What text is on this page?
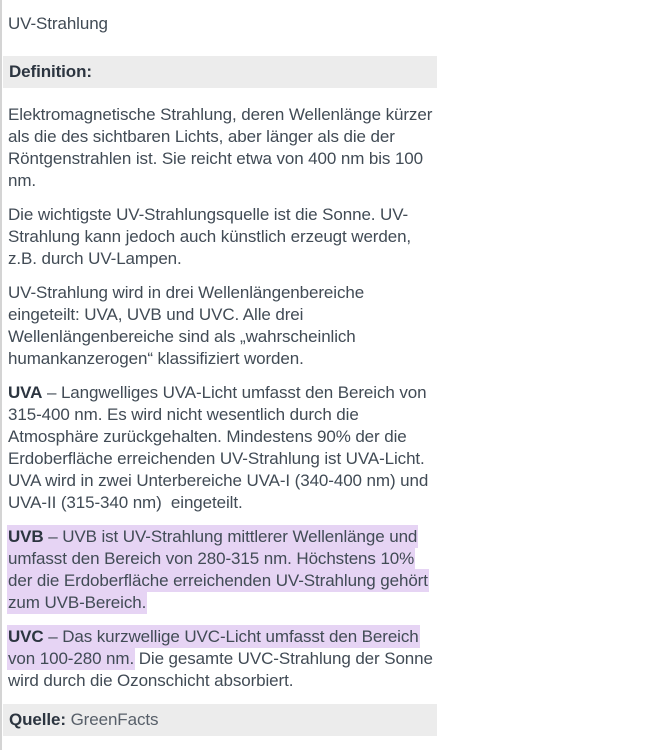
UV-Strahlung
Definition:

Elektromagnetische Strahlung, deren Wellenlänge kürzer als die des sichtbaren Lichts, aber länger als die der Röntgenstrahlen ist. Sie reicht etwa von 400 nm bis 100 nm.

Die wichtigste UV-Strahlungsquelle ist die Sonne. UV-Strahlung kann jedoch auch künstlich erzeugt werden, z.B. durch UV-Lampen.

UV-Strahlung wird in drei Wellenlängenbereiche eingeteilt: UVA, UVB und UVC. Alle drei Wellenlängenbereiche sind als „wahrscheinlich humankanzerogen“ klassifiziert worden.

UVA – Langwelliges UVA-Licht umfasst den Bereich von 315-400 nm. Es wird nicht wesentlich durch die Atmosphäre zurückgehalten. Mindestens 90% der die Erdoberfläche erreichenden UV-Strahlung ist UVA-Licht. UVA wird in zwei Unterbereiche UVA-I (340-400 nm) und UVA-II (315-340 nm)  eingeteilt.

UVB – UVB ist UV-Strahlung mittlerer Wellenlänge und umfasst den Bereich von 280-315 nm. Höchstens 10% der die Erdoberfläche erreichenden UV-Strahlung gehört zum UVB-Bereich.

UVC – Das kurzwellige UVC-Licht umfasst den Bereich von 100-280 nm. Die gesamte UVC-Strahlung der Sonne wird durch die Ozonschicht absorbiert.

Quelle: GreenFacts
